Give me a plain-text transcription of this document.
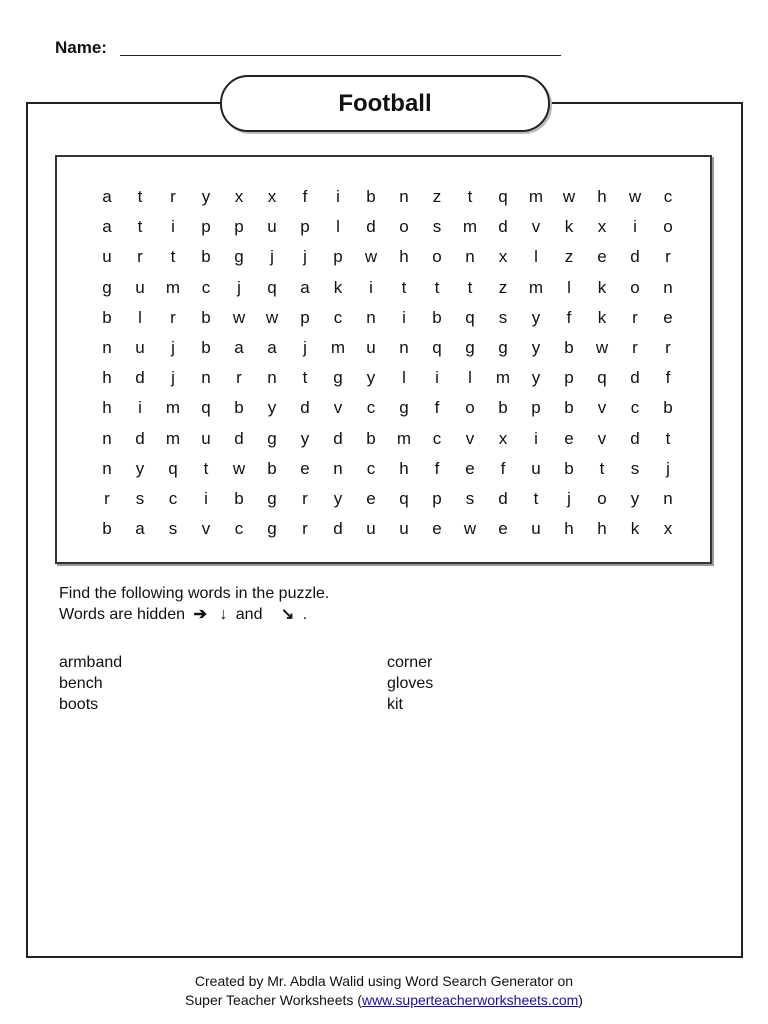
Name:
Football
a	t	r	y	x	x	f	i	b	n	z	t	q	m	w	h	w	c
a	t	i	p	p	u	p	l	d	o	s	m	d	v	k	x	i	o
u	r	t	b	g	j	j	p	w	h	o	n	x	l	z	e	d	r
g	u	m	c	j	q	a	k	i	t	t	t	z	m	l	k	o	n
b	l	r	b	w	w	p	c	n	i	b	q	s	y	f	k	r	e
n	u	j	b	a	a	j	m	u	n	q	g	g	y	b	w	r	r
h	d	j	n	r	n	t	g	y	l	i	l	m	y	p	q	d	f
h	i	m	q	b	y	d	v	c	g	f	o	b	p	b	v	c	b
n	d	m	u	d	g	y	d	b	m	c	v	x	i	e	v	d	t
n	y	q	t	w	b	e	n	c	h	f	e	f	u	b	t	s	j
r	s	c	i	b	g	r	y	e	q	p	s	d	t	j	o	y	n
b	a	s	v	c	g	r	d	u	u	e	w	e	u	h	h	k	x
Find the following words in the puzzle.
Words are hidden ➔ ↓ and ↘ .
armband
bench
boots
corner
gloves
kit
Created by Mr. Abdla Walid using Word Search Generator on
Super Teacher Worksheets (www.superteacherworksheets.com)
